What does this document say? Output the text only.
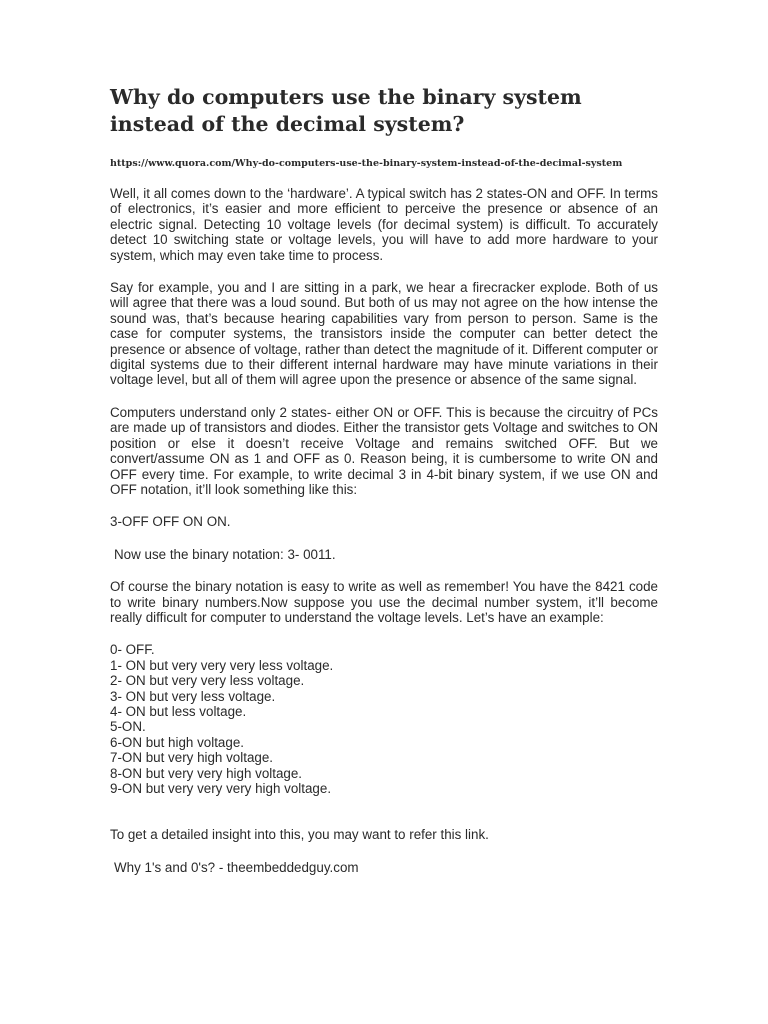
Why do computers use the binary system instead of the decimal system?
https://www.quora.com/Why-do-computers-use-the-binary-system-instead-of-the-decimal-system

Well, it all comes down to the ‘hardware’. A typical switch has 2 states-ON and OFF. In terms of electronics, it’s easier and more efficient to perceive the presence or absence of an electric signal. Detecting 10 voltage levels (for decimal system) is difficult. To accurately detect 10 switching state or voltage levels, you will have to add more hardware to your system, which may even take time to process.

Say for example, you and I are sitting in a park, we hear a firecracker explode. Both of us will agree that there was a loud sound. But both of us may not agree on the how intense the sound was, that’s because hearing capabilities vary from person to person. Same is the case for computer systems, the transistors inside the computer can better detect the presence or absence of voltage, rather than detect the magnitude of it. Different computer or digital systems due to their different internal hardware may have minute variations in their voltage level, but all of them will agree upon the presence or absence of the same signal.

Computers understand only 2 states- either ON or OFF. This is because the circuitry of PCs are made up of transistors and diodes. Either the transistor gets Voltage and switches to ON position or else it doesn’t receive Voltage and remains switched OFF. But we convert/assume ON as 1 and OFF as 0. Reason being, it is cumbersome to write ON and OFF every time. For example, to write decimal 3 in 4-bit binary system, if we use ON and OFF notation, it’ll look something like this:

3-OFF OFF ON ON.

Now use the binary notation: 3- 0011.

Of course the binary notation is easy to write as well as remember! You have the 8421 code to write binary numbers.Now suppose you use the decimal number system, it’ll become really difficult for computer to understand the voltage levels. Let’s have an example:

0- OFF.
1- ON but very very very less voltage.
2- ON but very very less voltage.
3- ON but very less voltage.
4- ON but less voltage.
5-ON.
6-ON but high voltage.
7-ON but very high voltage.
8-ON but very very high voltage.
9-ON but very very very high voltage.

To get a detailed insight into this, you may want to refer this link.

Why 1's and 0's? - theembeddedguy.com
